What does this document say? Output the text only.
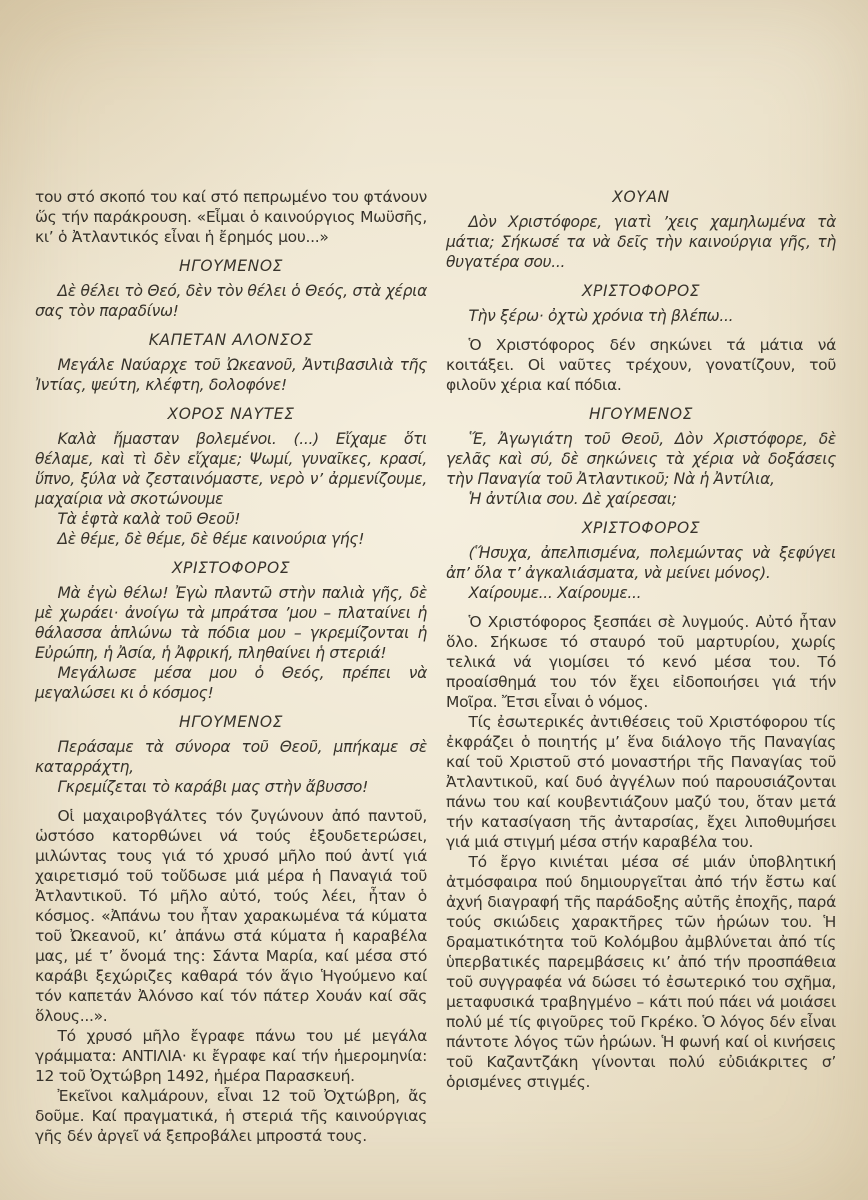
του στό σκοπό του καί στό πεπρωμένο του φτάνουν ὥς τήν παράκρουση. «Εἶμαι ὁ καινούργιος Μωϋσῆς, κι’ ὁ Ἀτλαντικός εἶναι ἡ ἔρημός μου...»

ΗΓΟΥΜΕΝΟΣ

Δὲ θέλει τὸ Θεό, δὲν τὸν θέλει ὁ Θεός, στὰ χέρια σας τὸν παραδίνω!

ΚΑΠΕΤΑΝ ΑΛΟΝΣΟΣ

Μεγάλε Ναύαρχε τοῦ Ὠκεανοῦ, Ἀντιβασιλιὰ τῆς Ἰντίας, ψεύτη, κλέφτη, δολοφόνε!

ΧΟΡΟΣ ΝΑΥΤΕΣ

Καλὰ ἤμασταν βολεμένοι. (...) Εἴχαμε ὅτι θέλαμε, καὶ τὶ δὲν εἴχαμε; Ψωμί, γυναῖκες, κρασί, ὕπνο, ξύλα νὰ ζεσταινόμαστε, νερὸ ν’ ἀρμενίζουμε, μαχαίρια νὰ σκοτώνουμε

Τὰ ἑφτὰ καλὰ τοῦ Θεοῦ!

Δὲ θέμε, δὲ θέμε, δὲ θέμε καινούρια γής!

ΧΡΙΣΤΟΦΟΡΟΣ

Μὰ ἐγὼ θέλω! Ἐγὼ πλαντῶ στὴν παλιὰ γῆς, δὲ μὲ χωράει· ἀνοίγω τὰ μπράτσα ’μου – πλαταίνει ἡ θάλασσα ἁπλώνω τὰ πόδια μου – γκρεμίζονται ἡ Εὐρώπη, ἡ Ἀσία, ἡ Ἀφρική, πληθαίνει ἡ στεριά!

Μεγάλωσε μέσα μου ὁ Θεός, πρέπει νὰ μεγαλώσει κι ὁ κόσμος!

ΗΓΟΥΜΕΝΟΣ

Περάσαμε τὰ σύνορα τοῦ Θεοῦ, μπήκαμε σὲ καταρράχτη,

Γκρεμίζεται τὸ καράβι μας στὴν ἄβυσσο!

Οἱ μαχαιροβγάλτες τόν ζυγώνουν ἀπό παντοῦ, ὡστόσο κατορθώνει νά τούς ἐξουδετερώσει, μιλώντας τους γιά τό χρυσό μῆλο πού ἀντί γιά χαιρετισμό τοῦ τοὔδωσε μιά μέρα ἡ Παναγιά τοῦ Ἀτλαντικοῦ. Τό μῆλο αὐτό, τούς λέει, ἦταν ὁ κόσμος. «Ἀπάνω του ἦταν χαρακωμένα τά κύματα τοῦ Ὠκεανοῦ, κι’ ἀπάνω στά κύματα ἡ καραβέλα μας, μέ τ’ ὄνομά της: Σάντα Μαρία, καί μέσα στό καράβι ξεχώριζες καθαρά τόν ἅγιο Ἡγούμενο καί τόν καπετάν Ἀλόνσο καί τόν πάτερ Χουάν καί σᾶς ὅλους...».

Τό χρυσό μῆλο ἔγραφε πάνω του μέ μεγάλα γράμματα: ΑΝΤΙΛΙΑ· κι ἔγραφε καί τήν ἡμερομηνία: 12 τοῦ Ὀχτώβρη 1492, ἡμέρα Παρασκευή.

Ἐκεῖνοι καλμάρουν, εἶναι 12 τοῦ Ὀχτώβρη, ἄς δοῦμε. Καί πραγματικά, ἡ στεριά τῆς καινούργιας γῆς δέν ἀργεῖ νά ξεπροβάλει μπροστά τους.

ΧΟΥΑΝ

Δὸν Χριστόφορε, γιατὶ ’χεις χαμηλωμένα τὰ μάτια; Σήκωσέ τα νὰ δεῖς τὴν καινούργια γῆς, τὴ θυγατέρα σου...

ΧΡΙΣΤΟΦΟΡΟΣ

Τὴν ξέρω· ὀχτὼ χρόνια τὴ βλέπω...

Ὁ Χριστόφορος δέν σηκώνει τά μάτια νά κοιτάξει. Οἱ ναῦτες τρέχουν, γονατίζουν, τοῦ φιλοῦν χέρια καί πόδια.

ΗΓΟΥΜΕΝΟΣ

Ἕ, Ἀγωγιάτη τοῦ Θεοῦ, Δὸν Χριστόφορε, δὲ γελᾶς καὶ σύ, δὲ σηκώνεις τὰ χέρια νὰ δοξάσεις τὴν Παναγία τοῦ Ἀτλαντικοῦ; Νὰ ἡ Ἀντίλια,

Ἡ ἀντίλια σου. Δὲ χαίρεσαι;

ΧΡΙΣΤΟΦΟΡΟΣ

(Ἥσυχα, ἀπελπισμένα, πολεμώντας νὰ ξεφύγει ἀπ’ ὅλα τ’ ἀγκαλιάσματα, νὰ μείνει μόνος).

Χαίρουμε... Χαίρουμε...

Ὁ Χριστόφορος ξεσπάει σὲ λυγμούς. Αὐτό ἦταν ὅλο. Σήκωσε τό σταυρό τοῦ μαρτυρίου, χωρίς τελικά νά γιομίσει τό κενό μέσα του. Τό προαίσθημά του τόν ἔχει εἰδοποιήσει γιά τήν Μοῖρα. Ἔτσι εἶναι ὁ νόμος.

Τίς ἐσωτερικές ἀντιθέσεις τοῦ Χριστόφορου τίς ἐκφράζει ὁ ποιητής μ’ ἕνα διάλογο τῆς Παναγίας καί τοῦ Χριστοῦ στό μοναστήρι τῆς Παναγίας τοῦ Ἀτλαντικοῦ, καί δυό ἀγγέλων πού παρουσιάζονται πάνω του καί κουβεντιάζουν μαζύ του, ὅταν μετά τήν κατασίγαση τῆς ἀνταρσίας, ἔχει λιποθυμήσει γιά μιά στιγμή μέσα στήν καραβέλα του.

Τό ἔργο κινιέται μέσα σέ μιάν ὑποβλητική ἀτμόσφαιρα πού δημιουργεῖται ἀπό τήν ἔστω καί ἀχνή διαγραφή τῆς παράδοξης αὐτῆς ἐποχῆς, παρά τούς σκιώδεις χαρακτῆρες τῶν ἡρώων του. Ἡ δραματικότητα τοῦ Κολόμβου ἀμβλύνεται ἀπό τίς ὑπερβατικές παρεμβάσεις κι’ ἀπό τήν προσπάθεια τοῦ συγγραφέα νά δώσει τό ἐσωτερικό του σχῆμα, μεταφυσικά τραβηγμένο – κάτι πού πάει νά μοιάσει πολύ μέ τίς φιγοῦρες τοῦ Γκρέκο. Ὁ λόγος δέν εἶναι πάντοτε λόγος τῶν ἡρώων. Ἡ φωνή καί οἱ κινήσεις τοῦ Καζαντζάκη γίνονται πολύ εὐδιάκριτες σ’ ὁρισμένες στιγμές.
